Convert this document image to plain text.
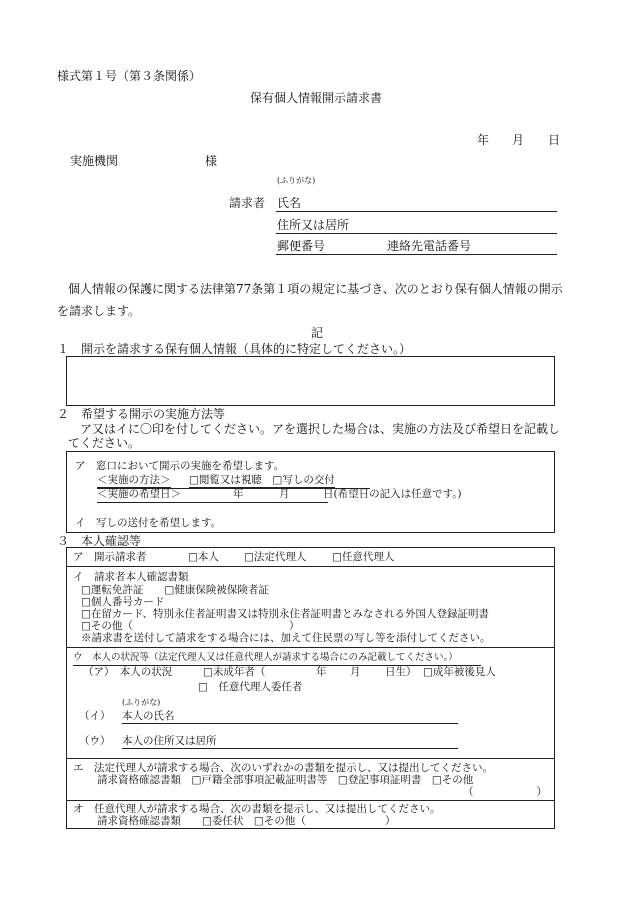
様式第１号（第３条関係）
保有個人情報開示請求書
年 月 日
実施機関	様
(ふりがな)
請求者 氏名
住所又は居所
郵便番号	連絡先電話番号
個人情報の保護に関する法律第77条第１項の規定に基づき、次のとおり保有個人情報の開示
を請求します。
記
１　開示を請求する保有個人情報（具体的に特定してください。）
２　希望する開示の実施方法等
ア又はイに〇印を付してください。アを選択した場合は、実施の方法及び希望日を記載し
てください。
ア　窓口において開示の実施を希望します。
＜実施の方法＞ □閲覧又は視聴　□写しの交付
＜実施の希望日＞	年	月	日(希望日の記入は任意です。)
イ　写しの送付を希望します。
３　本人確認等
ア　開示請求者	□本人 □法定代理人 □任意代理人
イ　請求者本人確認書類
□運転免許証　　□健康保険被保険者証
□個人番号カード
□在留カード、特別永住者証明書又は特別永住者証明書とみなされる外国人登録証明書
□その他（	）
※請求書を送付して請求をする場合には、加えて住民票の写し等を添付してください。
ウ　本人の状況等（法定代理人又は任意代理人が請求する場合にのみ記載してください。）
（ア）　本人の状況	□未成年者（	年 月 日生） □成年被後見人
□　任意代理人委任者
(ふりがな)
（イ） 本人の氏名
（ウ） 本人の住所又は居所
エ　法定代理人が請求する場合、次のいずれかの書類を提示し、又は提出してください。
請求資格確認書類　□戸籍全部事項記載証明書等　□登記事項証明書　□その他
（　　　　　　）
オ　任意代理人が請求する場合、次の書類を提示し、又は提出してください。
請求資格確認書類　　□委任状　□その他（	）
